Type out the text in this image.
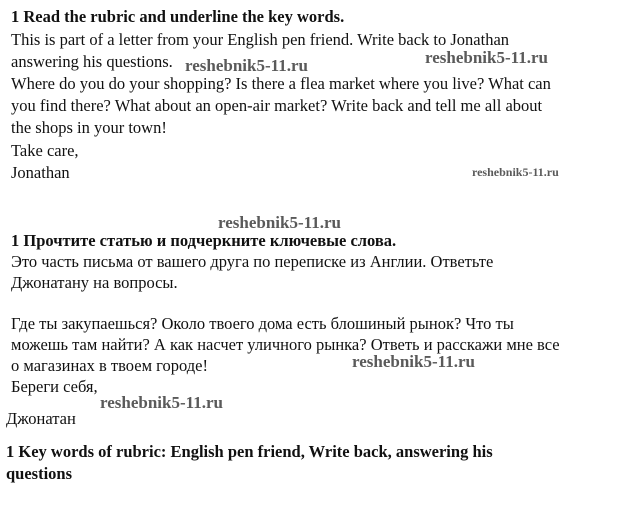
1 Read the rubric and underline the key words.
This is part of a letter from your English pen friend. Write back to Jonathan
answering his questions.
Where do you do your shopping? Is there a flea market where you live? What can
you find there? What about an open-air market? Write back and tell me all about
the shops in your town!
Take care,
Jonathan
1 Прочтите статью и подчеркните ключевые слова.
Это часть письма от вашего друга по переписке из Англии. Ответьте
Джонатану на вопросы.
Где ты закупаешься? Около твоего дома есть блошиный рынок? Что ты
можешь там найти? А как насчет уличного рынка? Ответь и расскажи мне все
о магазинах в твоем городе!
Береги себя,
Джонатан
1 Key words of rubric: English pen friend, Write back, answering his
questions
reshebnik5-11.ru
reshebnik5-11.ru
reshebnik5-11.ru
reshebnik5-11.ru
reshebnik5-11.ru
reshebnik5-11.ru
